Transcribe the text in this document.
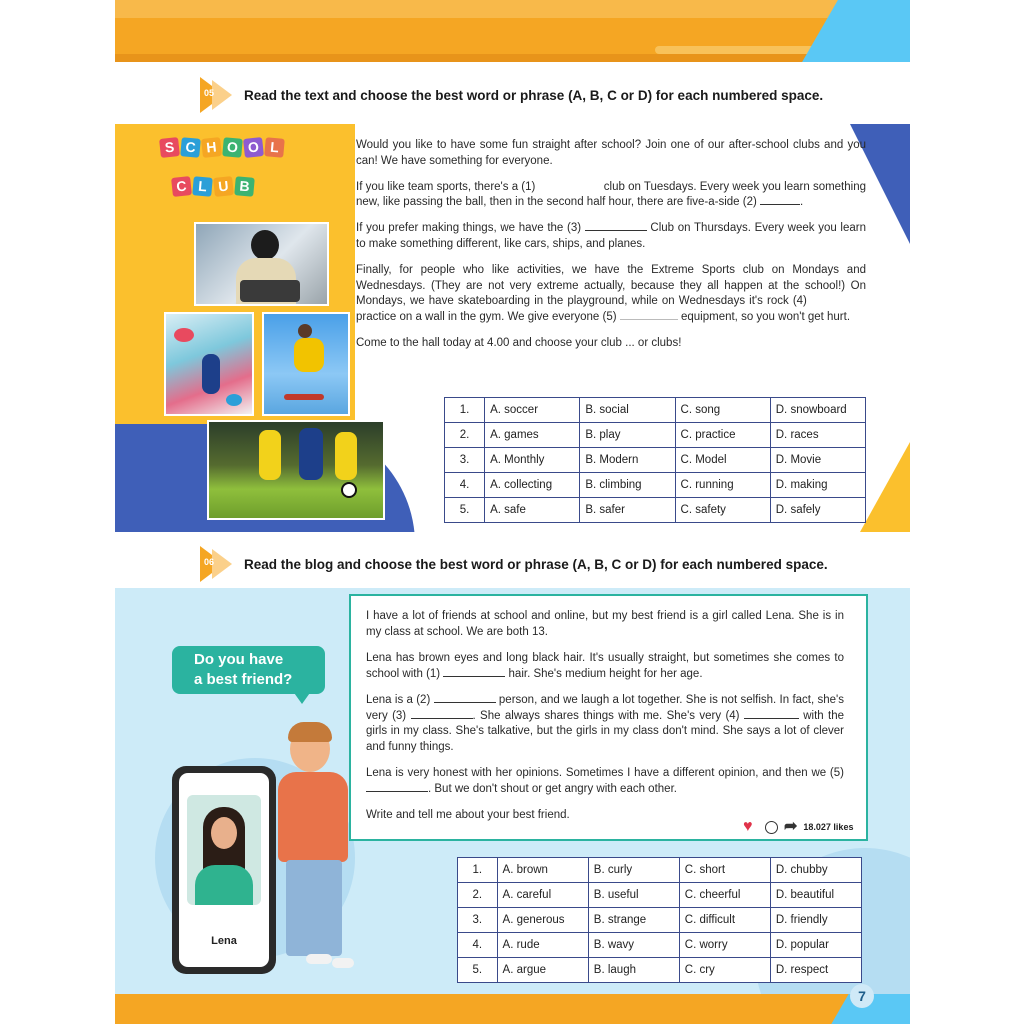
05 Read the text and choose the best word or phrase (A, B, C or D) for each numbered space.
S C H O O L
C L U B

Would you like to have some fun straight after school? Join one of our after-school clubs and you can! We have something for everyone.

If you like team sports, there's a (1)	club on Tuesdays. Every week you learn something new, like passing the ball, then in the second half hour, there are five-a-side (2)	.

If you prefer making things, we have the (3)	Club on Thursdays. Every week you learn to make something different, like cars, ships, and planes.

Finally, for people who like activities, we have the Extreme Sports club on Mondays and Wednesdays. (They are not very extreme actually, because they all happen at the school!) On Mondays, we have skateboarding in the playground, while on Wednesdays it's rock (4)  practice on a wall in the gym. We give everyone (5)	equipment, so you won't get hurt.

Come to the hall today at 4.00 and choose your club ... or clubs!

1.	A. soccer	B. social	C. song	D. snowboard
2.	A. games	B. play	C. practice	D. races
3.	A. Monthly	B. Modern	C. Model	D. Movie
4.	A. collecting	B. climbing	C. running	D. making
5.	A. safe	B. safer	C. safety	D. safely
06 Read the blog and choose the best word or phrase (A, B, C or D) for each numbered space.
Do you have
a best friend?
Lena

I have a lot of friends at school and online, but my best friend is a girl called Lena. She is in my class at school. We are both 13.

Lena has brown eyes and long black hair. It's usually straight, but sometimes she comes to school with (1)	hair. She's medium height for her age.

Lena is a (2)	person, and we laugh a lot together. She is not selfish. In fact, she's very (3)	. She always shares things with me. She's very (4)	with the girls in my class. She's talkative, but the girls in my class don't mind. She says a lot of clever and funny things.

Lena is very honest with her opinions. Sometimes I have a different opinion, and then we (5) . But we don't shout or get angry with each other.

Write and tell me about your best friend.

♥	➦ 18.027 likes
1.	A. brown	B. curly	C. short	D. chubby
2.	A. careful	B. useful	C. cheerful	D. beautiful
3.	A. generous	B. strange	C. difficult	D. friendly
4.	A. rude	B. wavy	C. worry	D. popular
5.	A. argue	B. laugh	C. cry	D. respect
7
